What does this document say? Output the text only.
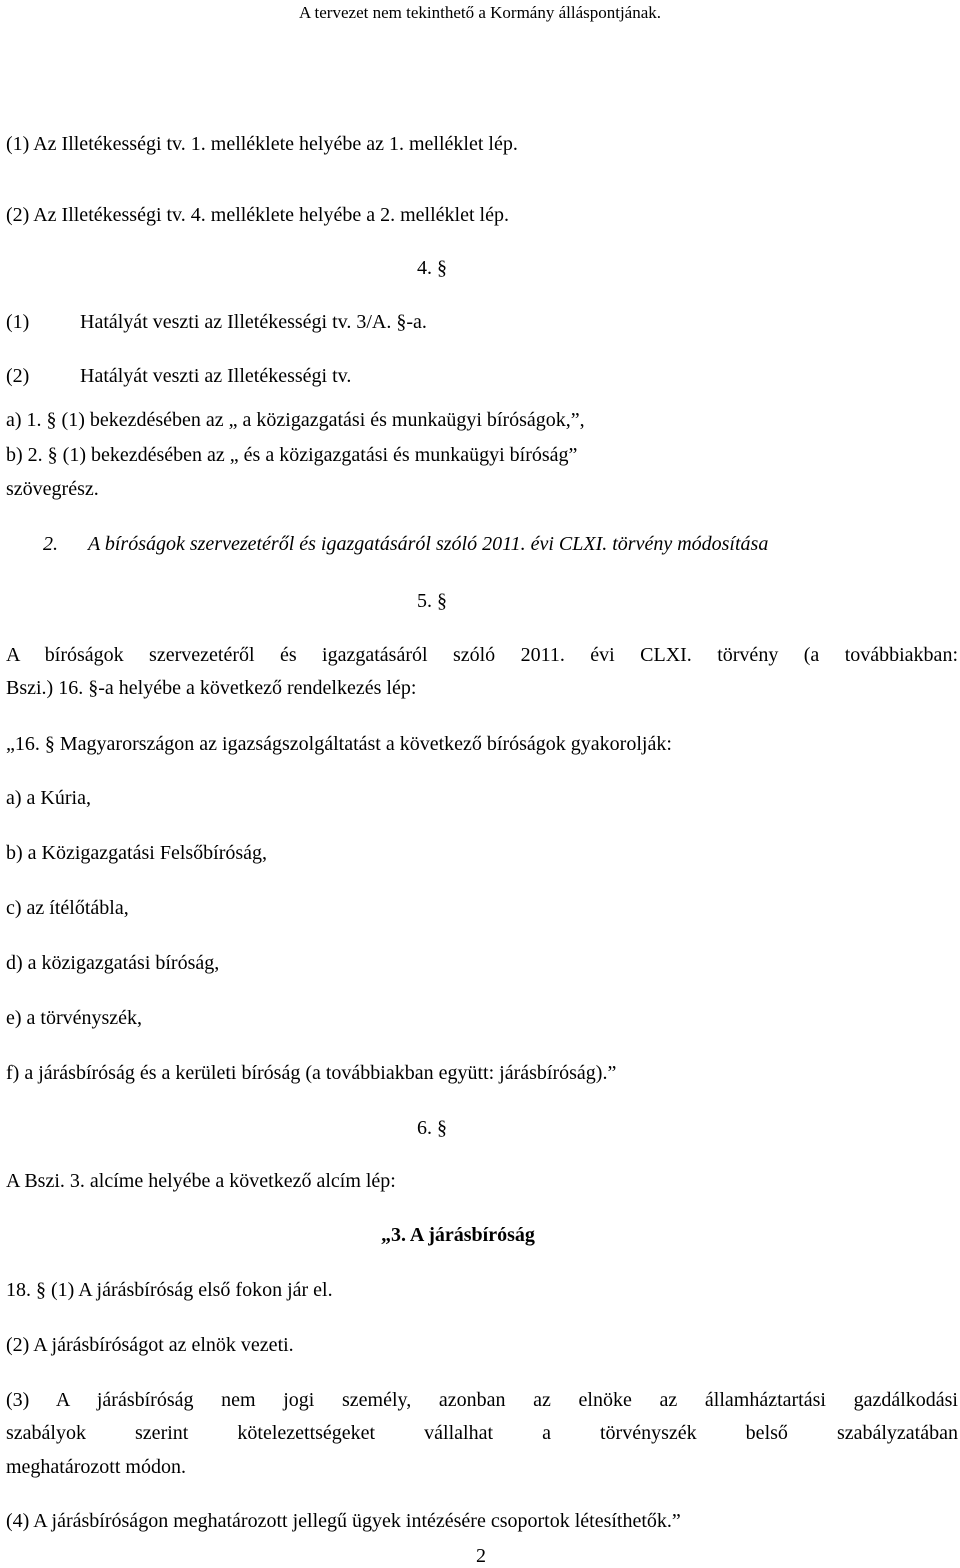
A tervezet nem tekinthető a Kormány álláspontjának.
(1) Az Illetékességi tv. 1. melléklete helyébe az 1. melléklet lép.
(2) Az Illetékességi tv. 4. melléklete helyébe a 2. melléklet lép.
4. §
(1)	Hatályát veszti az Illetékességi tv. 3/A. §-a.
(2)	Hatályát veszti az Illetékességi tv.
a) 1. § (1) bekezdésében az „ a közigazgatási és munkaügyi bíróságok,”,
b) 2. § (1) bekezdésében az „ és a közigazgatási és munkaügyi bíróság”
szövegrész.
2. A bíróságok szervezetéről és igazgatásáról szóló 2011. évi CLXI. törvény módosítása
5. §
A bíróságok szervezetéről és igazgatásáról szóló 2011. évi CLXI. törvény (a továbbiakban:
Bszi.) 16. §-a helyébe a következő rendelkezés lép:
„16. § Magyarországon az igazságszolgáltatást a következő bíróságok gyakorolják:
a) a Kúria,
b) a Közigazgatási Felsőbíróság,
c) az ítélőtábla,
d) a közigazgatási bíróság,
e) a törvényszék,
f) a járásbíróság és a kerületi bíróság (a továbbiakban együtt: járásbíróság).”
6. §
A Bszi. 3. alcíme helyébe a következő alcím lép:
„3. A járásbíróság
18. § (1) A járásbíróság első fokon jár el.
(2) A járásbíróságot az elnök vezeti.
(3) A járásbíróság nem jogi személy, azonban az elnöke az államháztartási gazdálkodási
szabályok szerint kötelezettségeket vállalhat a törvényszék belső szabályzatában
meghatározott módon.
(4) A járásbíróságon meghatározott jellegű ügyek intézésére csoportok létesíthetők.”
2
